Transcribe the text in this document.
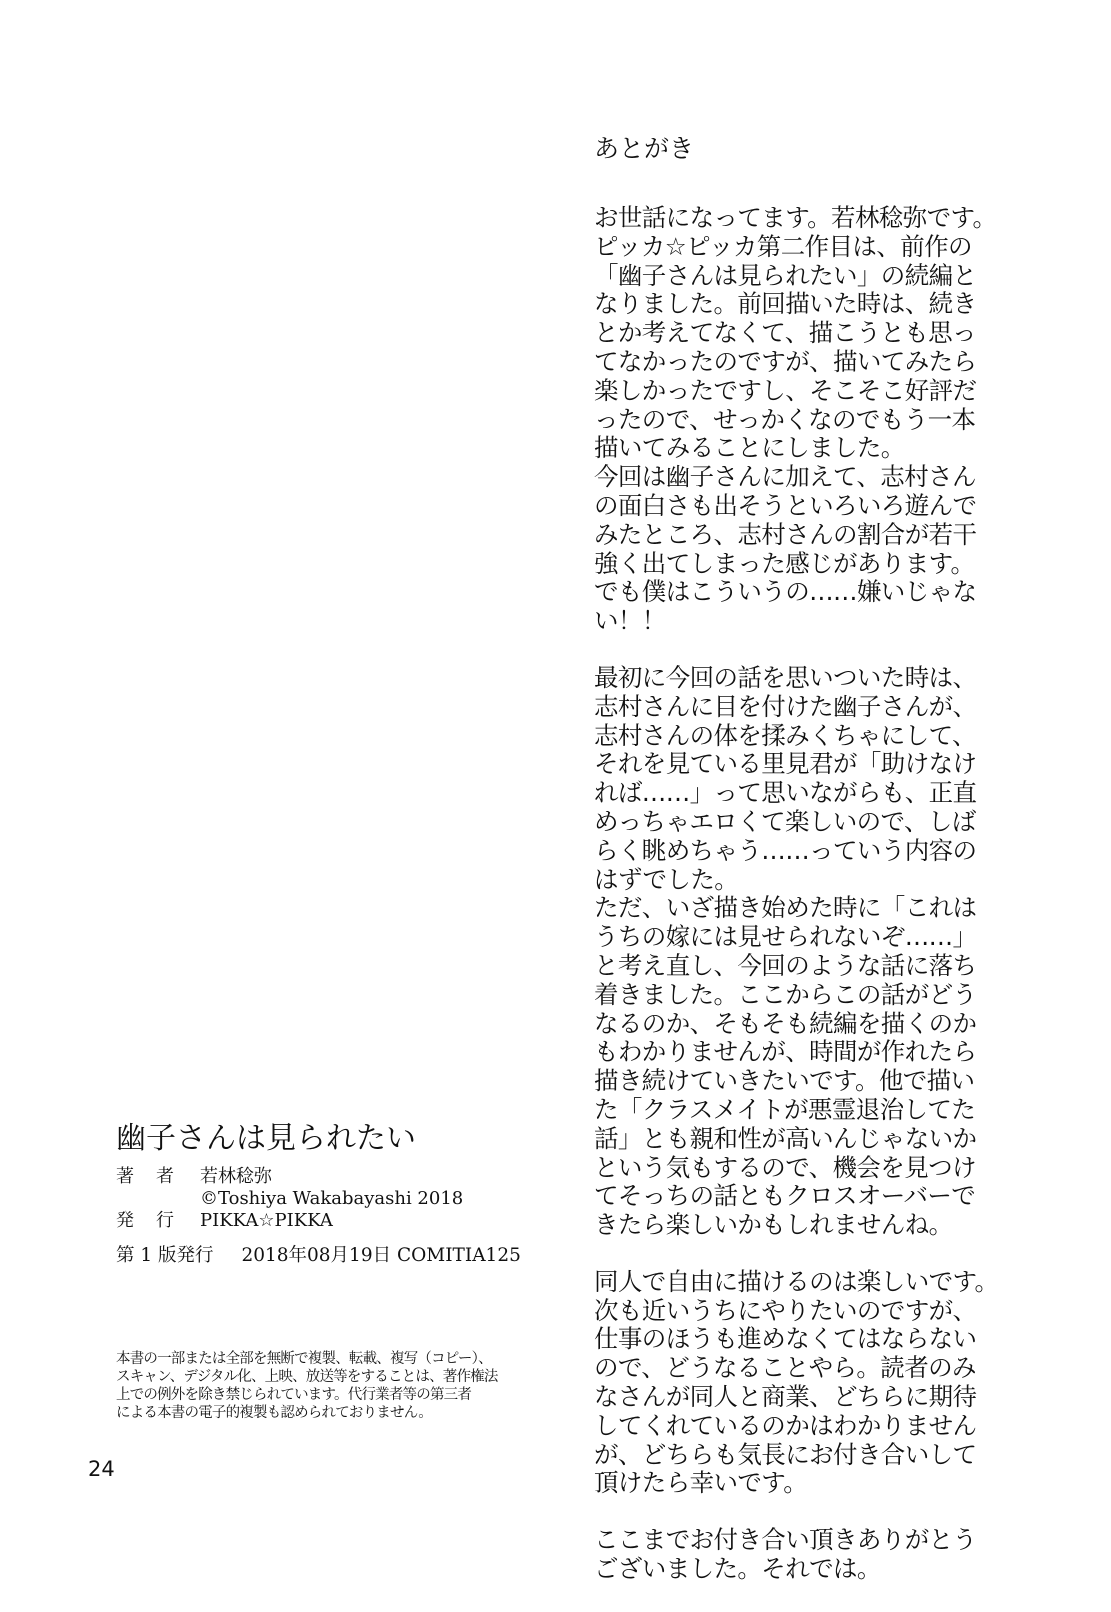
あとがき
お世話になってます。若林稔弥です。
ピッカ☆ピッカ第二作目は、前作の
「幽子さんは見られたい」の続編と
なりました。前回描いた時は、続き
とか考えてなくて、描こうとも思っ
てなかったのですが、描いてみたら
楽しかったですし、そこそこ好評だ
ったので、せっかくなのでもう一本
描いてみることにしました。
今回は幽子さんに加えて、志村さん
の面白さも出そうといろいろ遊んで
みたところ、志村さんの割合が若干
強く出てしまった感じがあります。
でも僕はこういうの……嫌いじゃな
い！！
最初に今回の話を思いついた時は、
志村さんに目を付けた幽子さんが、
志村さんの体を揉みくちゃにして、
それを見ている里見君が「助けなけ
れば……」って思いながらも、正直
めっちゃエロくて楽しいので、しば
らく眺めちゃう……っていう内容の
はずでした。
ただ、いざ描き始めた時に「これは
うちの嫁には見せられないぞ……」
と考え直し、今回のような話に落ち
着きました。ここからこの話がどう
なるのか、そもそも続編を描くのか
もわかりませんが、時間が作れたら
描き続けていきたいです。他で描い
た「クラスメイトが悪霊退治してた
話」とも親和性が高いんじゃないか
という気もするので、機会を見つけ
てそっちの話ともクロスオーバーで
きたら楽しいかもしれませんね。
同人で自由に描けるのは楽しいです。
次も近いうちにやりたいのですが、
仕事のほうも進めなくてはならない
ので、どうなることやら。読者のみ
なさんが同人と商業、どちらに期待
してくれているのかはわかりません
が、どちらも気長にお付き合いして
頂けたら幸いです。
ここまでお付き合い頂きありがとう
ございました。それでは。
幽子さんは見られたい
著　者	若林稔弥
©Toshiya Wakabayashi 2018
発　行	PIKKA☆PIKKA
第 1 版発行 2018年08月19日 COMITIA125
本書の一部または全部を無断で複製、転載、複写（コピー）、
スキャン、デジタル化、上映、放送等をすることは、著作権法
上での例外を除き禁じられています。代行業者等の第三者
による本書の電子的複製も認められておりません。
24
